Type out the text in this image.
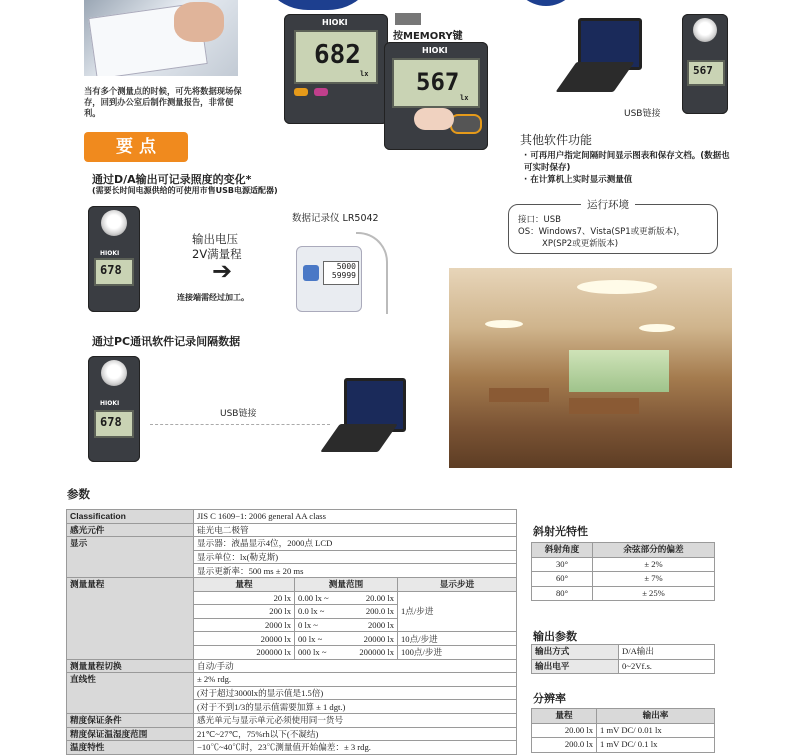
当有多个测量点的时候，可先将数据现场保存，回到办公室后制作测量报告，非常便利。
HIOKI
682
lx
按MEMORY键
HIOKI
567
lx
USB链接
567
其他软件功能
· 可再用户指定间隔时间显示图表和保存文档。(数据也可实时保存)
· 在计算机上实时显示测量值
运行环境
接口：USB
OS：Windows7、Vista(SP1或更新版本)，
XP(SP2或更新版本)
要 点
通过D/A输出可记录照度的变化*
(需要长时间电源供给的可使用市售USB电源适配器)
HIOKI
678
输出电压
2V满量程
➔
连接端需经过加工。
数据记录仪 LR5042
5000
59999
通过PC通讯软件记录间隔数据
HIOKI
678
USB链接
参数
Classification	JIS C 1609−1: 2006 general AA class			
感光元件	硅光电二极管			
显示	显示器：液晶显示4位，2000点 LCD			
	显示单位：lx(勒克斯)			
	显示更新率：500 ms ± 20 ms			
测量量程	量程	测量范围		显示步进
	20 lx	0.00 lx ~	20.00 lx	1点/步进
	200 lx	0.0 lx ~	200.0 lx	
	2000 lx	0 lx ~	2000 lx	
	20000 lx	00 lx ~	20000 lx	10点/步进
	200000 lx	000 lx ~	200000 lx	100点/步进
测量量程切换	自动/手动			
直线性	± 2% rdg.			
	(对于超过3000lx的显示值是1.5倍)			
	(对于不到1/3的显示值需要加算 ± 1 dgt.)			
精度保证条件	感光单元与显示单元必须使用同一货号			
精度保证温湿度范围	21℃~27℃，75%rh以下(不凝结)			
温度特性	−10℃~40℃时，23℃测量值开始偏差：± 3 rdg.			
斜射光特性
斜射角度	余弦部分的偏差
30°	± 2%
60°	± 7%
80°	± 25%
输出参数
输出方式	D/A输出
输出电平	0~2Vf.s.
分辨率
量程	输出率
20.00 lx	1 mV DC/ 0.01 lx
200.0 lx	1 mV DC/ 0.1 lx
